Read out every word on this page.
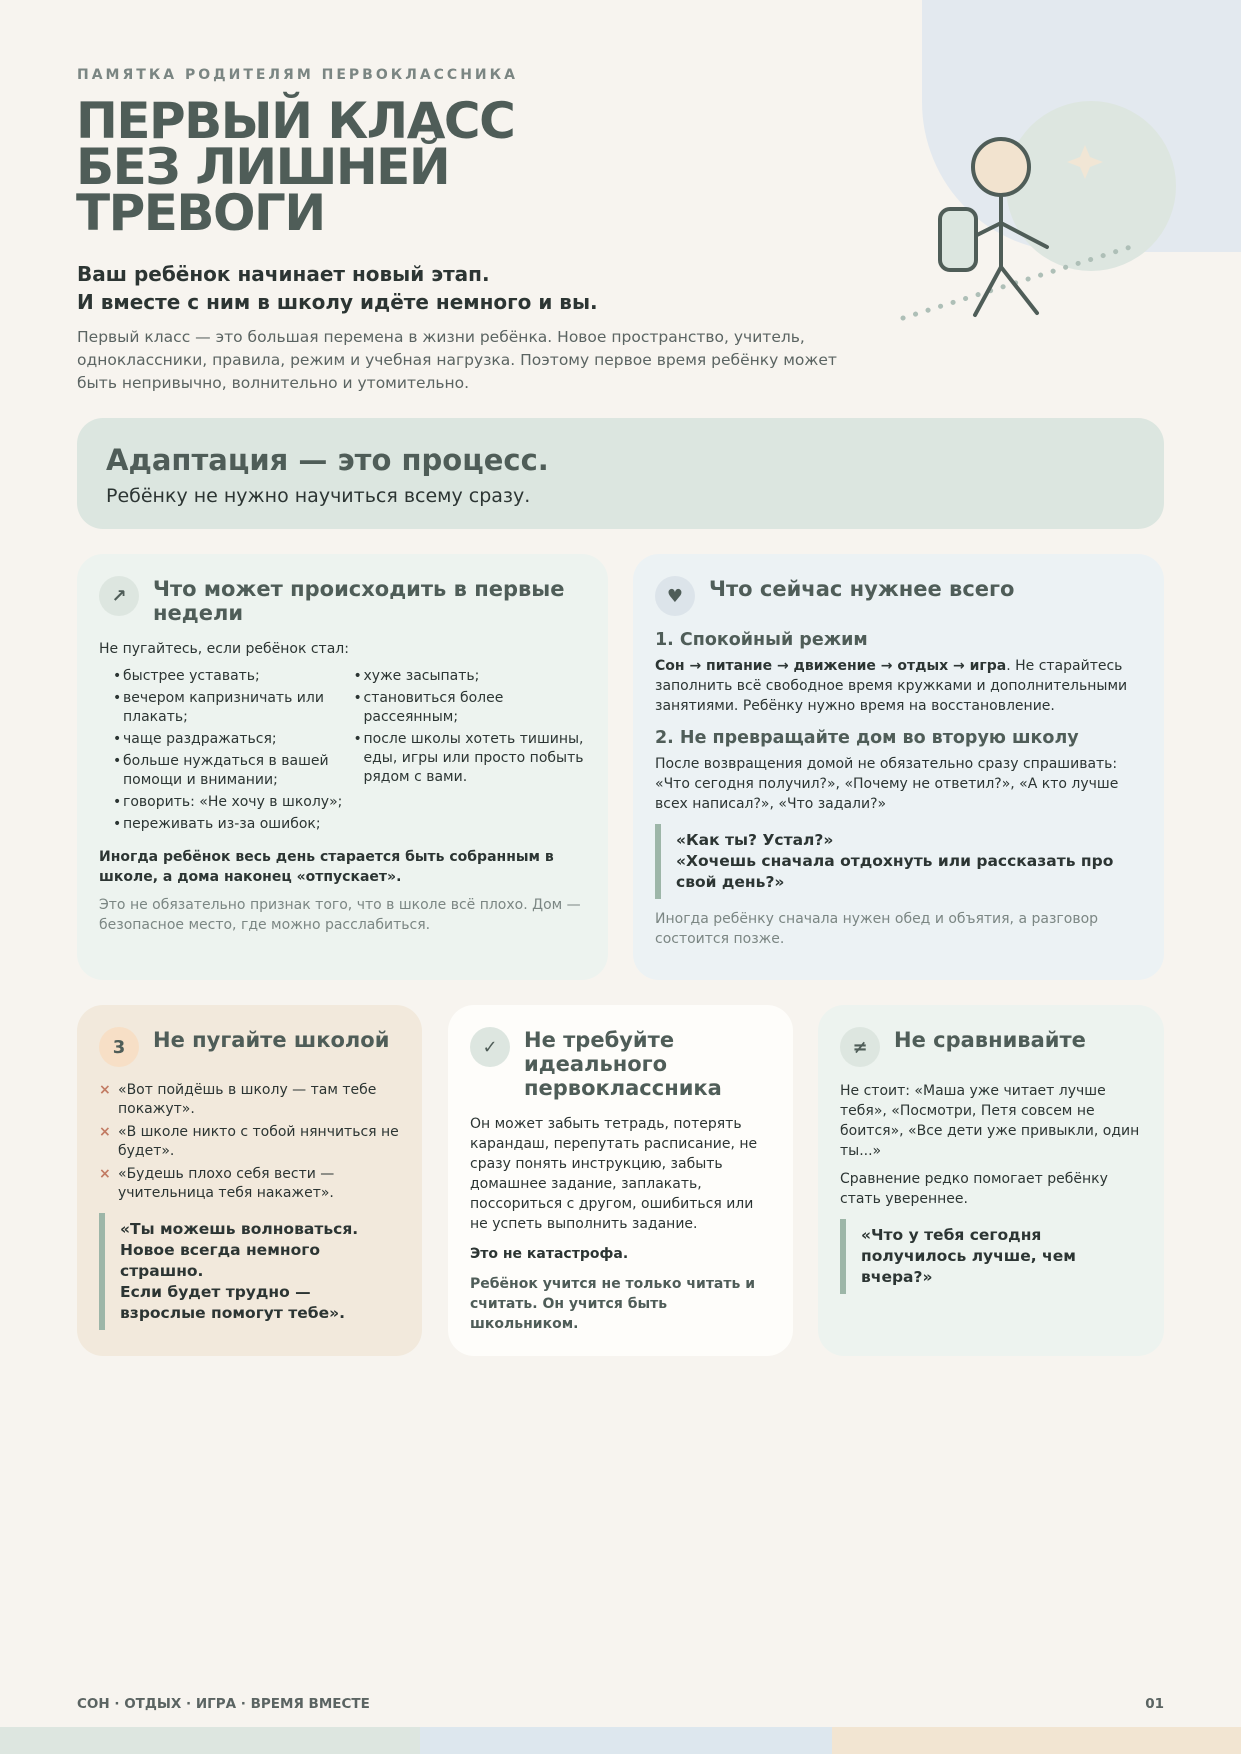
ПАМЯТКА РОДИТЕЛЯМ ПЕРВОКЛАССНИКА
ПЕРВЫЙ КЛАСС
БЕЗ ЛИШНЕЙ
ТРЕВОГИ
Ваш ребёнок начинает новый этап.
И вместе с ним в школу идёте немного и вы.

Первый класс — это большая перемена в жизни ребёнка. Новое пространство, учитель, одноклассники, правила, режим и учебная нагрузка. Поэтому первое время ребёнку может быть непривычно, волнительно и утомительно.

Адаптация — это процесс.
Ребёнку не нужно научиться всему сразу.
↗	Что может происходить в первые недели

Не пугайтесь, если ребёнок стал:

• быстрее уставать;
• вечером капризничать или плакать;
• чаще раздражаться;
• больше нуждаться в вашей помощи и внимании;
• говорить: «Не хочу в школу»;
• переживать из-за ошибок;
• хуже засыпать;
• становиться более рассеянным;
• после школы хотеть тишины, еды, игры или просто побыть рядом с вами.

Иногда ребёнок весь день старается быть собранным в школе, а дома наконец «отпускает».

Это не обязательно признак того, что в школе всё плохо. Дом — безопасное место, где можно расслабиться.

♥	Что сейчас нужнее всего
1. Спокойный режим

Сон → питание → движение → отдых → игра. Не старайтесь заполнить всё свободное время кружками и дополнительными занятиями. Ребёнку нужно время на восстановление.

2. Не превращайте дом во вторую школу

После возвращения домой не обязательно сразу спрашивать: «Что сегодня получил?», «Почему не ответил?», «А кто лучше всех написал?», «Что задали?»

«Как ты? Устал?»
«Хочешь сначала отдохнуть или рассказать про свой день?»

Иногда ребёнку сначала нужен обед и объятия, а разговор состоится позже.

3	Не пугайте школой
× «Вот пойдёшь в школу — там тебе покажут».
× «В школе никто с тобой нянчиться не будет».
× «Будешь плохо себя вести — учительница тебя накажет».
«Ты можешь волноваться.
Новое всегда немного страшно.
Если будет трудно — взрослые помогут тебе».
✓	Не требуйте идеального первоклассника

Он может забыть тетрадь, потерять карандаш, перепутать расписание, не сразу понять инструкцию, забыть домашнее задание, заплакать, поссориться с другом, ошибиться или не успеть выполнить задание.

Это не катастрофа.

Ребёнок учится не только читать и считать. Он учится быть школьником.

≠	Не сравнивайте

Не стоит: «Маша уже читает лучше тебя», «Посмотри, Петя совсем не боится», «Все дети уже привыкли, один ты...»

Сравнение редко помогает ребёнку стать увереннее.

«Что у тебя сегодня получилось лучше, чем вчера?»
СОН · ОТДЫХ · ИГРА · ВРЕМЯ ВМЕСТЕ	01
